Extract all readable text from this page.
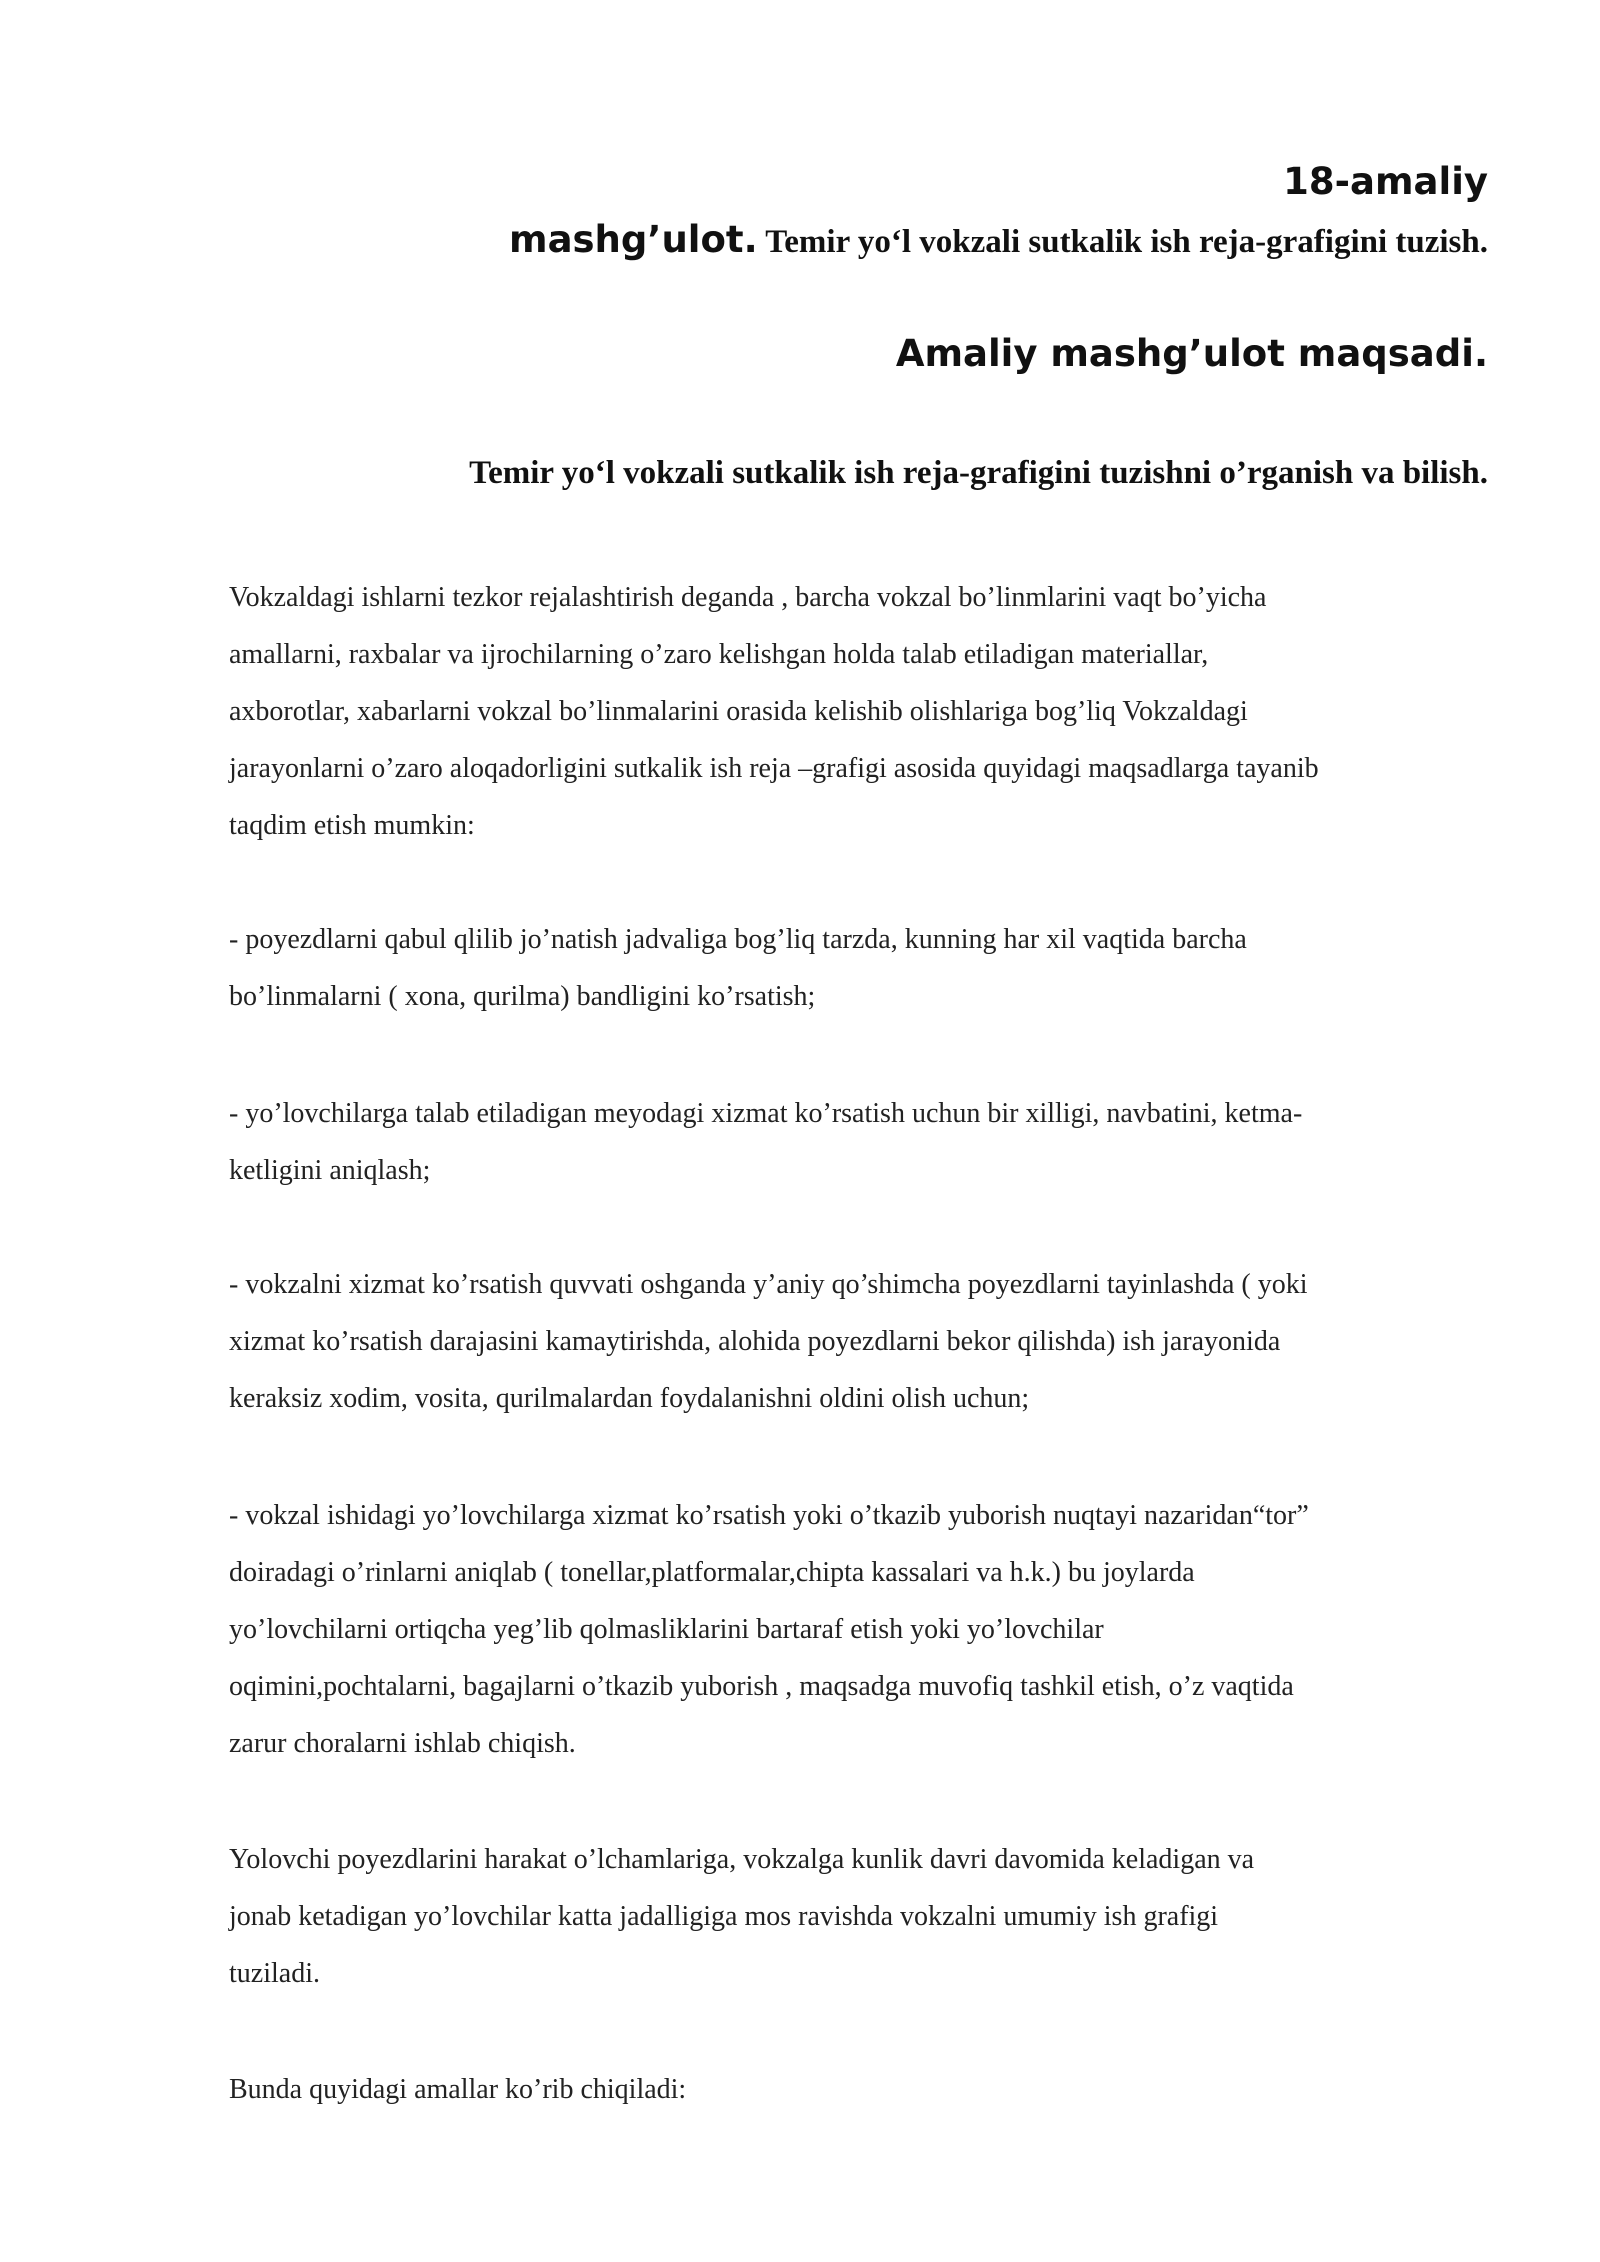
18-amaliy
mashg’ulot. Temir yo‘l vokzali sutkalik ish reja-grafigini tuzish.
Amaliy mashg’ulot maqsadi.
Temir yo‘l vokzali sutkalik ish reja-grafigini tuzishni o’rganish va bilish.
Vokzaldagi ishlarni tezkor rejalashtirish deganda , barcha vokzal bo’linmlarini vaqt bo’yicha
amallarni, raxbalar va ijrochilarning o’zaro kelishgan holda talab etiladigan materiallar,
axborotlar, xabarlarni vokzal bo’linmalarini orasida kelishib olishlariga bog’liq Vokzaldagi
jarayonlarni o’zaro aloqadorligini sutkalik ish reja –grafigi asosida quyidagi maqsadlarga tayanib
taqdim etish mumkin:
- poyezdlarni qabul qlilib jo’natish jadvaliga bog’liq tarzda, kunning har xil vaqtida barcha
bo’linmalarni ( xona, qurilma) bandligini ko’rsatish;
- yo’lovchilarga talab etiladigan meyodagi xizmat ko’rsatish uchun bir xilligi, navbatini, ketma-
ketligini aniqlash;
- vokzalni xizmat ko’rsatish quvvati oshganda y’aniy qo’shimcha poyezdlarni tayinlashda ( yoki
xizmat ko’rsatish darajasini kamaytirishda, alohida poyezdlarni bekor qilishda) ish jarayonida
keraksiz xodim, vosita, qurilmalardan foydalanishni oldini olish uchun;
- vokzal ishidagi yo’lovchilarga xizmat ko’rsatish yoki o’tkazib yuborish nuqtayi nazaridan“tor”
doiradagi o’rinlarni aniqlab ( tonellar,platformalar,chipta kassalari va h.k.) bu joylarda
yo’lovchilarni ortiqcha yeg’lib qolmasliklarini bartaraf etish yoki yo’lovchilar
oqimini,pochtalarni, bagajlarni o’tkazib yuborish , maqsadga muvofiq tashkil etish, o’z vaqtida
zarur choralarni ishlab chiqish.
Yolovchi poyezdlarini harakat o’lchamlariga, vokzalga kunlik davri davomida keladigan va
jonab ketadigan yo’lovchilar katta jadalligiga mos ravishda vokzalni umumiy ish grafigi
tuziladi.
Bunda quyidagi amallar ko’rib chiqiladi:
